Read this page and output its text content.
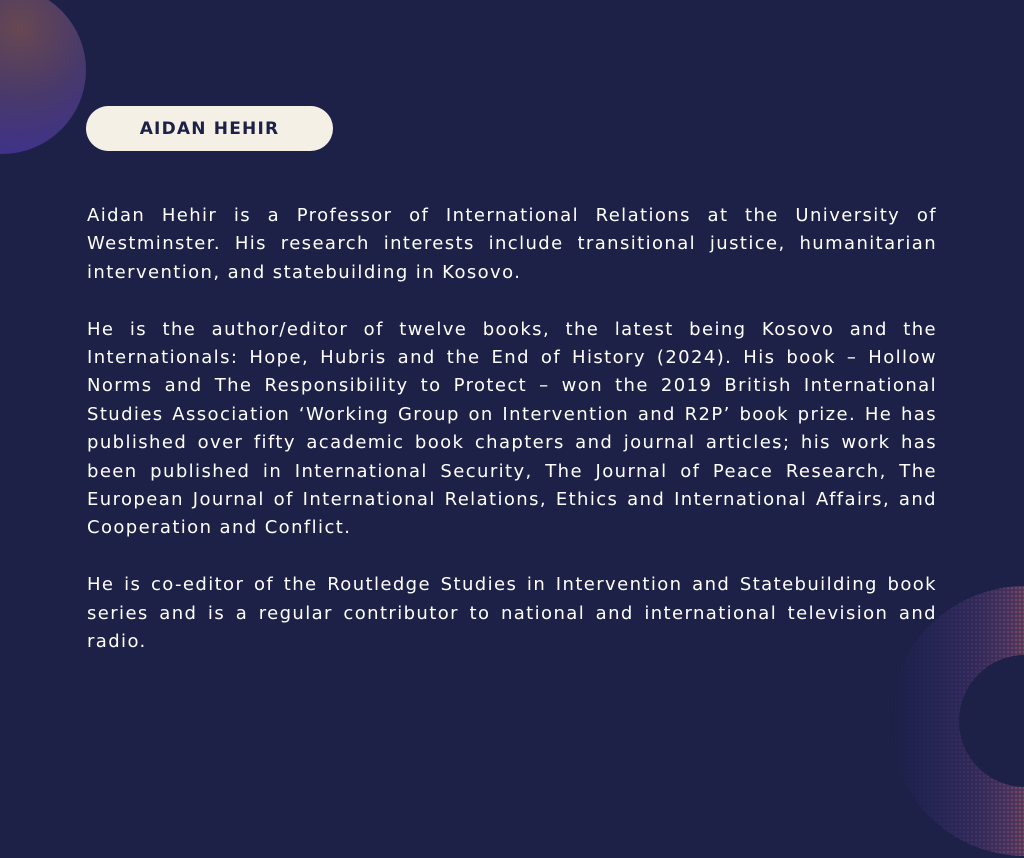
AIDAN HEHIR

Aidan Hehir is a Professor of International Relations at the University of Westminster. His research interests include transitional justice, humanitarian intervention, and statebuilding in Kosovo.

He is the author/editor of twelve books, the latest being Kosovo and the Internationals: Hope, Hubris and the End of History (2024). His book – Hollow Norms and The Responsibility to Protect – won the 2019 British International Studies Association ‘Working Group on Intervention and R2P’ book prize. He has published over fifty academic book chapters and journal articles; his work has been published in International Security, The Journal of Peace Research, The European Journal of International Relations, Ethics and International Affairs, and Cooperation and Conflict.

He is co-editor of the Routledge Studies in Intervention and Statebuilding book series and is a regular contributor to national and international television and radio.
